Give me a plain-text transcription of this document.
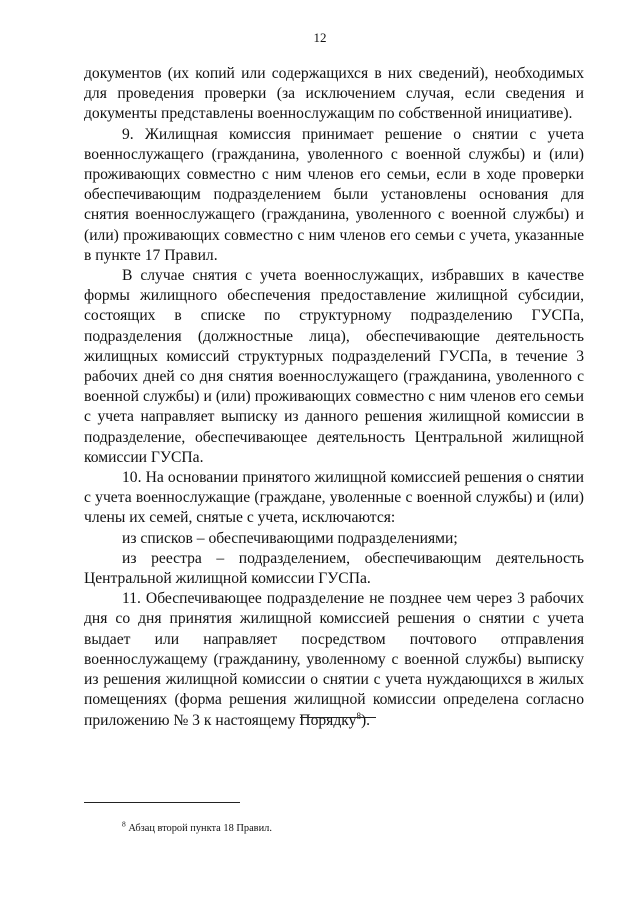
12

документов (их копий или содержащихся в них сведений), необходимых для проведения проверки (за исключением случая, если сведения и документы представлены военнослужащим по собственной инициативе).

9. Жилищная комиссия принимает решение о снятии с учета военнослужащего (гражданина, уволенного с военной службы) и (или) проживающих совместно с ним членов его семьи, если в ходе проверки обеспечивающим подразделением были установлены основания для снятия военнослужащего (гражданина, уволенного с военной службы) и (или) проживающих совместно с ним членов его семьи с учета, указанные в пункте 17 Правил.

В случае снятия с учета военнослужащих, избравших в качестве формы жилищного обеспечения предоставление жилищной субсидии, состоящих в списке по структурному подразделению ГУСПа, подразделения (должностные лица), обеспечивающие деятельность жилищных комиссий структурных подразделений ГУСПа, в течение 3 рабочих дней со дня снятия военнослужащего (гражданина, уволенного с военной службы) и (или) проживающих совместно с ним членов его семьи с учета направляет выписку из данного решения жилищной комиссии в подразделение, обеспечивающее деятельность Центральной жилищной комиссии ГУСПа.

10. На основании принятого жилищной комиссией решения о снятии с учета военнослужащие (граждане, уволенные с военной службы) и (или) члены их семей, снятые с учета, исключаются:

из списков – обеспечивающими подразделениями;

из реестра – подразделением, обеспечивающим деятельность Центральной жилищной комиссии ГУСПа.

11. Обеспечивающее подразделение не позднее чем через 3 рабочих дня со дня принятия жилищной комиссией решения о снятии с учета выдает или направляет посредством почтового отправления военнослужащему (гражданину, уволенному с военной службы) выписку из решения жилищной комиссии о снятии с учета нуждающихся в жилых помещениях (форма решения жилищной комиссии определена согласно приложению № 3 к настоящему Порядку$^8$).

$^8$ Абзац второй пункта 18 Правил.
